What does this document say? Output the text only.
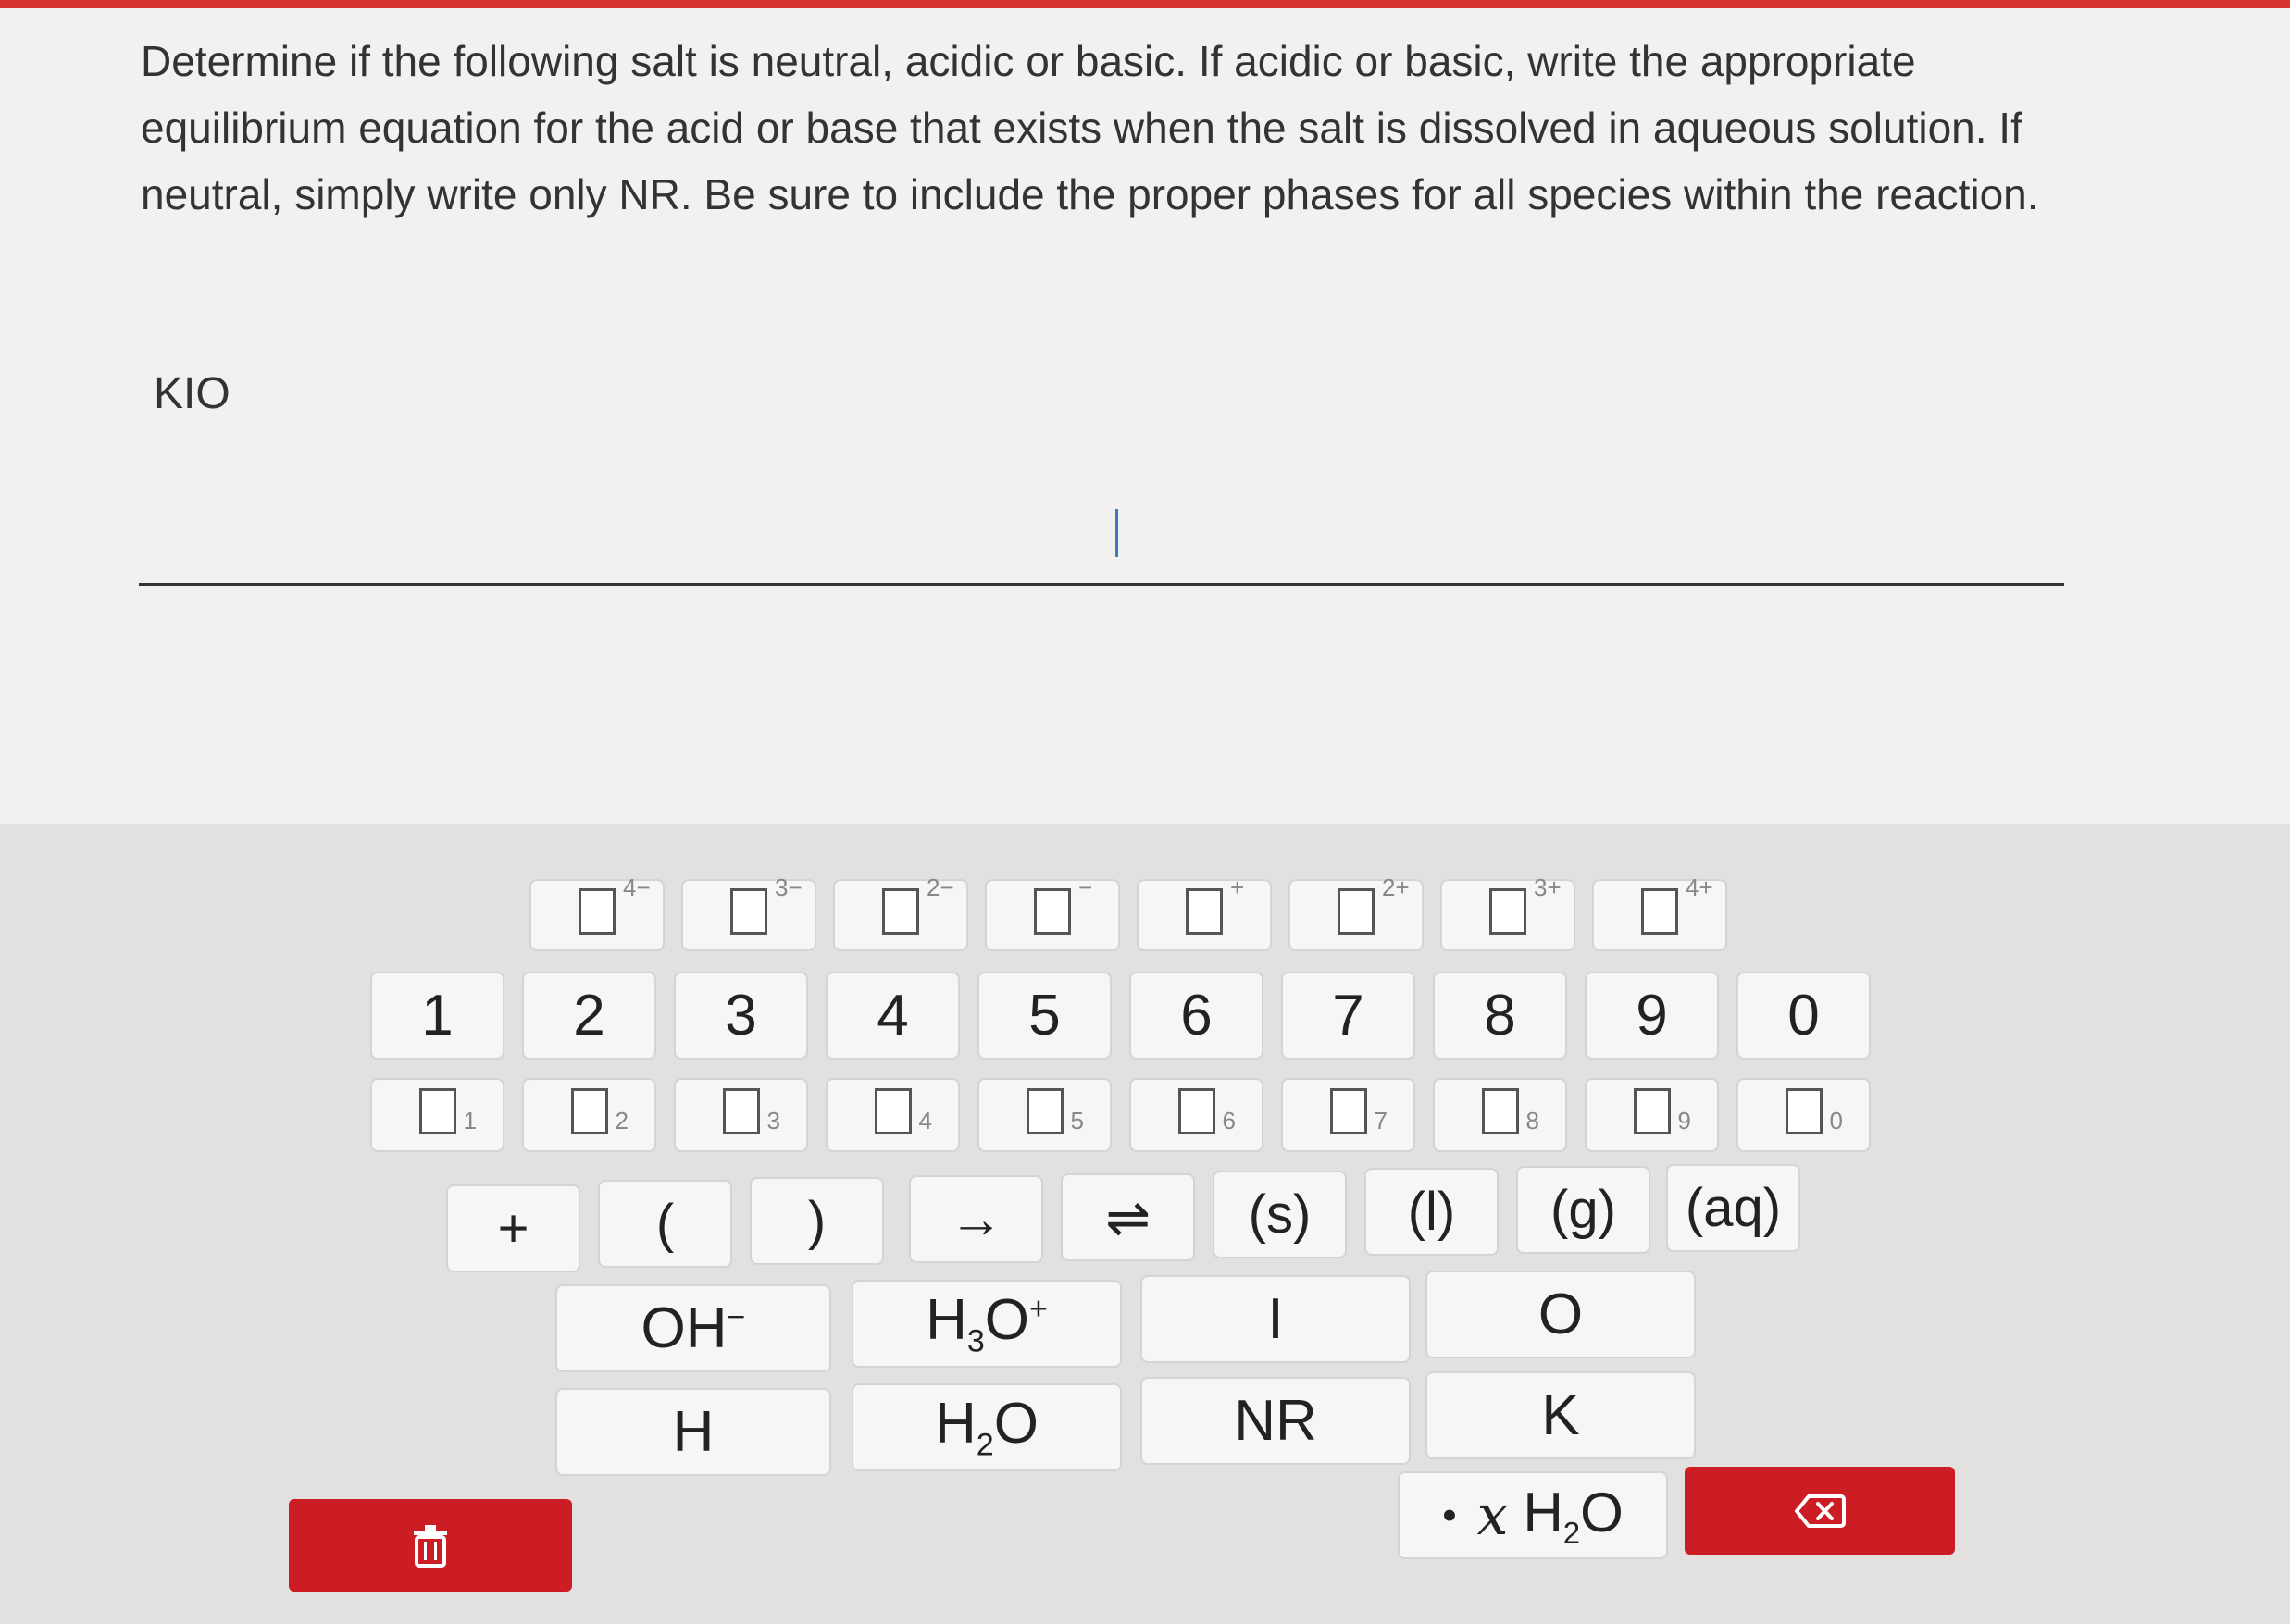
Determine if the following salt is neutral, acidic or basic. If acidic or basic, write the appropriate equilibrium equation for the acid or base that exists when the salt is dissolved in aqueous solution. If neutral, simply write only NR. Be sure to include the proper phases for all species within the reaction.
KIO
4−	3−	2−	−	+	2+	3+	4+
1	2	3	4	5	6	7	8	9	0
1	2	3	4	5	6	7	8	9	0
+	(	)	→	⇌	(s)	(l)	(g)	(aq)
OH−	$H_3O^+$	I	O
H	$H_2O$	NR	K
• x $H_2O$
